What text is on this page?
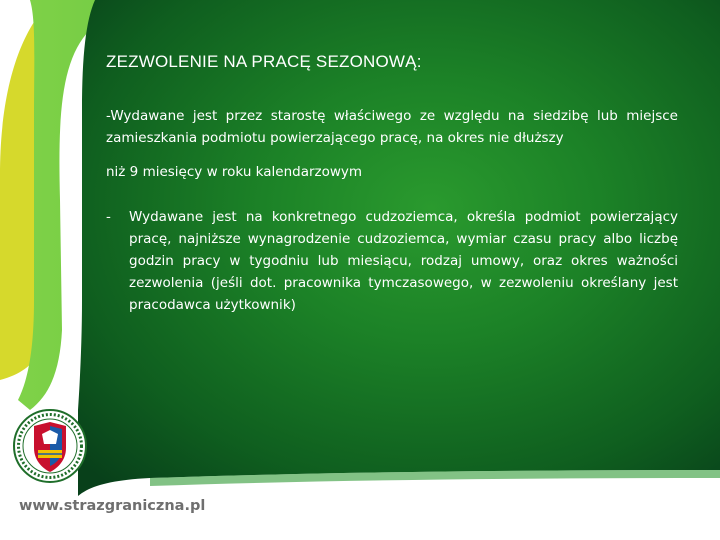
ZEZWOLENIE NA PRACĘ SEZONOWĄ:
-Wydawane jest przez starostę właściwego ze względu na siedzibę lub miejsce zamieszkania podmiotu powierzającego pracę, na okres nie dłuższy
niż 9 miesięcy w roku kalendarzowym
- Wydawane jest na konkretnego cudzoziemca, określa podmiot powierzający pracę, najniższe wynagrodzenie cudzoziemca, wymiar czasu pracy albo liczbę godzin pracy w tygodniu lub miesiącu, rodzaj umowy, oraz okres ważności zezwolenia (jeśli dot. pracownika tymczasowego, w zezwoleniu określany jest pracodawca użytkownik)
www.strazgraniczna.pl
